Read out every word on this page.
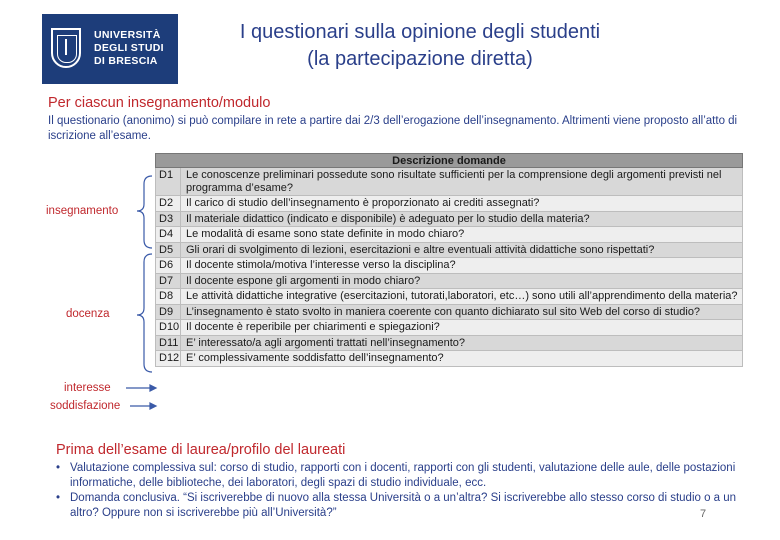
UNIVERSITÀ
DEGLI STUDI
DI BRESCIA
I questionari sulla opinione degli studenti
(la partecipazione diretta)
Per ciascun insegnamento/modulo
Il questionario (anonimo) si può compilare in rete a partire dai 2/3 dell’erogazione dell’insegnamento. Altrimenti viene proposto all’atto di iscrizione all’esame.
Descrizione domande
D1	Le conoscenze preliminari possedute sono risultate sufficienti per la comprensione degli argomenti previsti nel programma d’esame?
D2	Il carico di studio dell’insegnamento è proporzionato ai crediti assegnati?
D3	Il materiale didattico (indicato e disponibile) è adeguato per lo studio della materia?
D4	Le modalità di esame sono state definite in modo chiaro?
D5	Gli orari di svolgimento di lezioni, esercitazioni e altre eventuali attività didattiche sono rispettati?
D6	Il docente stimola/motiva l’interesse verso la disciplina?
D7	Il docente espone gli argomenti in modo chiaro?
D8	Le attività didattiche integrative (esercitazioni, tutorati,laboratori, etc…) sono utili all’apprendimento della materia?
D9	L’insegnamento è stato svolto in maniera coerente con quanto dichiarato sul sito Web del corso di studio?
D10 Il docente è reperibile per chiarimenti e spiegazioni?
D11 E’ interessato/a agli argomenti trattati nell’insegnamento?
D12 E’ complessivamente soddisfatto dell’insegnamento?
insegnamento
docenza
interesse
soddisfazione
Prima dell’esame di laurea/profilo del laureati
• Valutazione complessiva sul: corso di studio, rapporti con i docenti, rapporti con gli studenti, valutazione delle aule, delle postazioni informatiche, delle biblioteche, dei laboratori, degli spazi di studio individuale, ecc.
• Domanda conclusiva. “Si iscriverebbe di nuovo alla stessa Università o a un’altra? Si iscriverebbe allo stesso corso di studio o a un altro? Oppure non si iscriverebbe più all’Università?”	7
